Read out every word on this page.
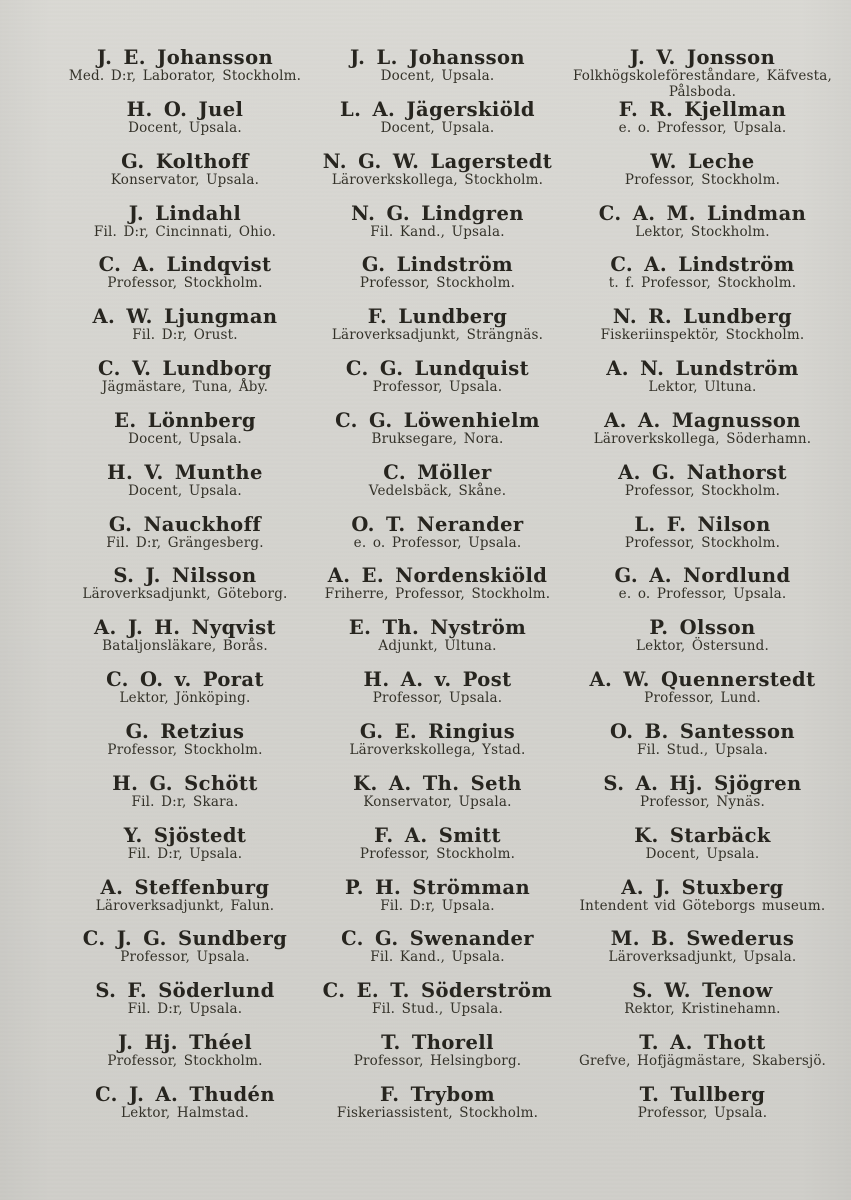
J. E. Johansson
Med. D:r, Laborator, Stockholm.
H. O. Juel
Docent, Upsala.
G. Kolthoff
Konservator, Upsala.
J. Lindahl
Fil. D:r, Cincinnati, Ohio.
C. A. Lindqvist
Professor, Stockholm.
A. W. Ljungman
Fil. D:r, Orust.
C. V. Lundborg
Jägmästare, Tuna, Åby.
E. Lönnberg
Docent, Upsala.
H. V. Munthe
Docent, Upsala.
G. Nauckhoff
Fil. D:r, Grängesberg.
S. J. Nilsson
Läroverksadjunkt, Göteborg.
A. J. H. Nyqvist
Bataljonsläkare, Borås.
C. O. v. Porat
Lektor, Jönköping.
G. Retzius
Professor, Stockholm.
H. G. Schött
Fil. D:r, Skara.
Y. Sjöstedt
Fil. D:r, Upsala.
A. Steffenburg
Läroverksadjunkt, Falun.
C. J. G. Sundberg
Professor, Upsala.
S. F. Söderlund
Fil. D:r, Upsala.
J. Hj. Théel
Professor, Stockholm.
C. J. A. Thudén
Lektor, Halmstad.
J. L. Johansson
Docent, Upsala.
L. A. Jägerskiöld
Docent, Upsala.
N. G. W. Lagerstedt
Läroverkskollega, Stockholm.
N. G. Lindgren
Fil. Kand., Upsala.
G. Lindström
Professor, Stockholm.
F. Lundberg
Läroverksadjunkt, Strängnäs.
C. G. Lundquist
Professor, Upsala.
C. G. Löwenhielm
Bruksegare, Nora.
C. Möller
Vedelsbäck, Skåne.
O. T. Nerander
e. o. Professor, Upsala.
A. E. Nordenskiöld
Friherre, Professor, Stockholm.
E. Th. Nyström
Adjunkt, Ultuna.
H. A. v. Post
Professor, Upsala.
G. E. Ringius
Läroverkskollega, Ystad.
K. A. Th. Seth
Konservator, Upsala.
F. A. Smitt
Professor, Stockholm.
P. H. Strömman
Fil. D:r, Upsala.
C. G. Swenander
Fil. Kand., Upsala.
C. E. T. Söderström
Fil. Stud., Upsala.
T. Thorell
Professor, Helsingborg.
F. Trybom
Fiskeriassistent, Stockholm.
J. V. Jonsson
Folkhögskoleföreståndare, Käfvesta, Pålsboda.
F. R. Kjellman
e. o. Professor, Upsala.
W. Leche
Professor, Stockholm.
C. A. M. Lindman
Lektor, Stockholm.
C. A. Lindström
t. f. Professor, Stockholm.
N. R. Lundberg
Fiskeriinspektör, Stockholm.
A. N. Lundström
Lektor, Ultuna.
A. A. Magnusson
Läroverkskollega, Söderhamn.
A. G. Nathorst
Professor, Stockholm.
L. F. Nilson
Professor, Stockholm.
G. A. Nordlund
e. o. Professor, Upsala.
P. Olsson
Lektor, Östersund.
A. W. Quennerstedt
Professor, Lund.
O. B. Santesson
Fil. Stud., Upsala.
S. A. Hj. Sjögren
Professor, Nynäs.
K. Starbäck
Docent, Upsala.
A. J. Stuxberg
Intendent vid Göteborgs museum.
M. B. Swederus
Läroverksadjunkt, Upsala.
S. W. Tenow
Rektor, Kristinehamn.
T. A. Thott
Grefve, Hofjägmästare, Skabersjö.
T. Tullberg
Professor, Upsala.
